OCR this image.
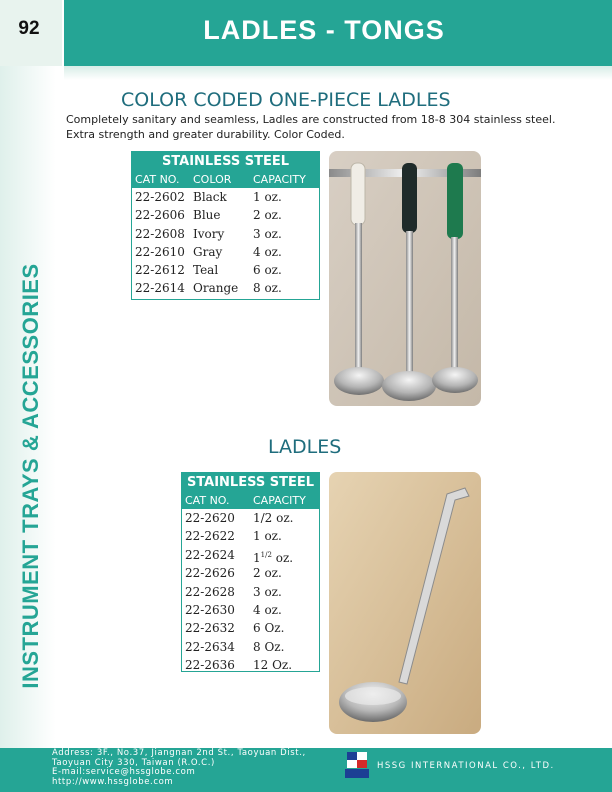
92	LADLES - TONGS
INSTRUMENT TRAYS & ACCESSORIES
COLOR CODED ONE-PIECE LADLES
Completely sanitary and seamless, Ladles are constructed from 18-8 304 stainless steel.
Extra strength and greater durability. Color Coded.
STAINLESS STEEL
CAT NO. COLOR CAPACITY
22-2602 Black 1 oz.
22-2606 Blue	2 oz.
22-2608 Ivory 3 oz.
22-2610 Gray	4 oz.
22-2612 Teal	6 oz.
22-2614 Orange 8 oz.
LADLES
STAINLESS STEEL
CAT NO. CAPACITY
22-2620 1/2 oz.
22-2622 1 oz.
22-2624 $1^{1/2}$ oz.
22-2626 2 oz.
22-2628 3 oz.
22-2630 4 oz.
22-2632 6 Oz.
22-2634 8 Oz.
22-2636 12 Oz.
Address: 3F., No.37, Jiangnan 2nd St., Taoyuan Dist.,
Taoyuan City 330, Taiwan (R.O.C.)
E-mail:service@hssglobe.com
http://www.hssglobe.com
HSSG INTERNATIONAL CO., LTD.
